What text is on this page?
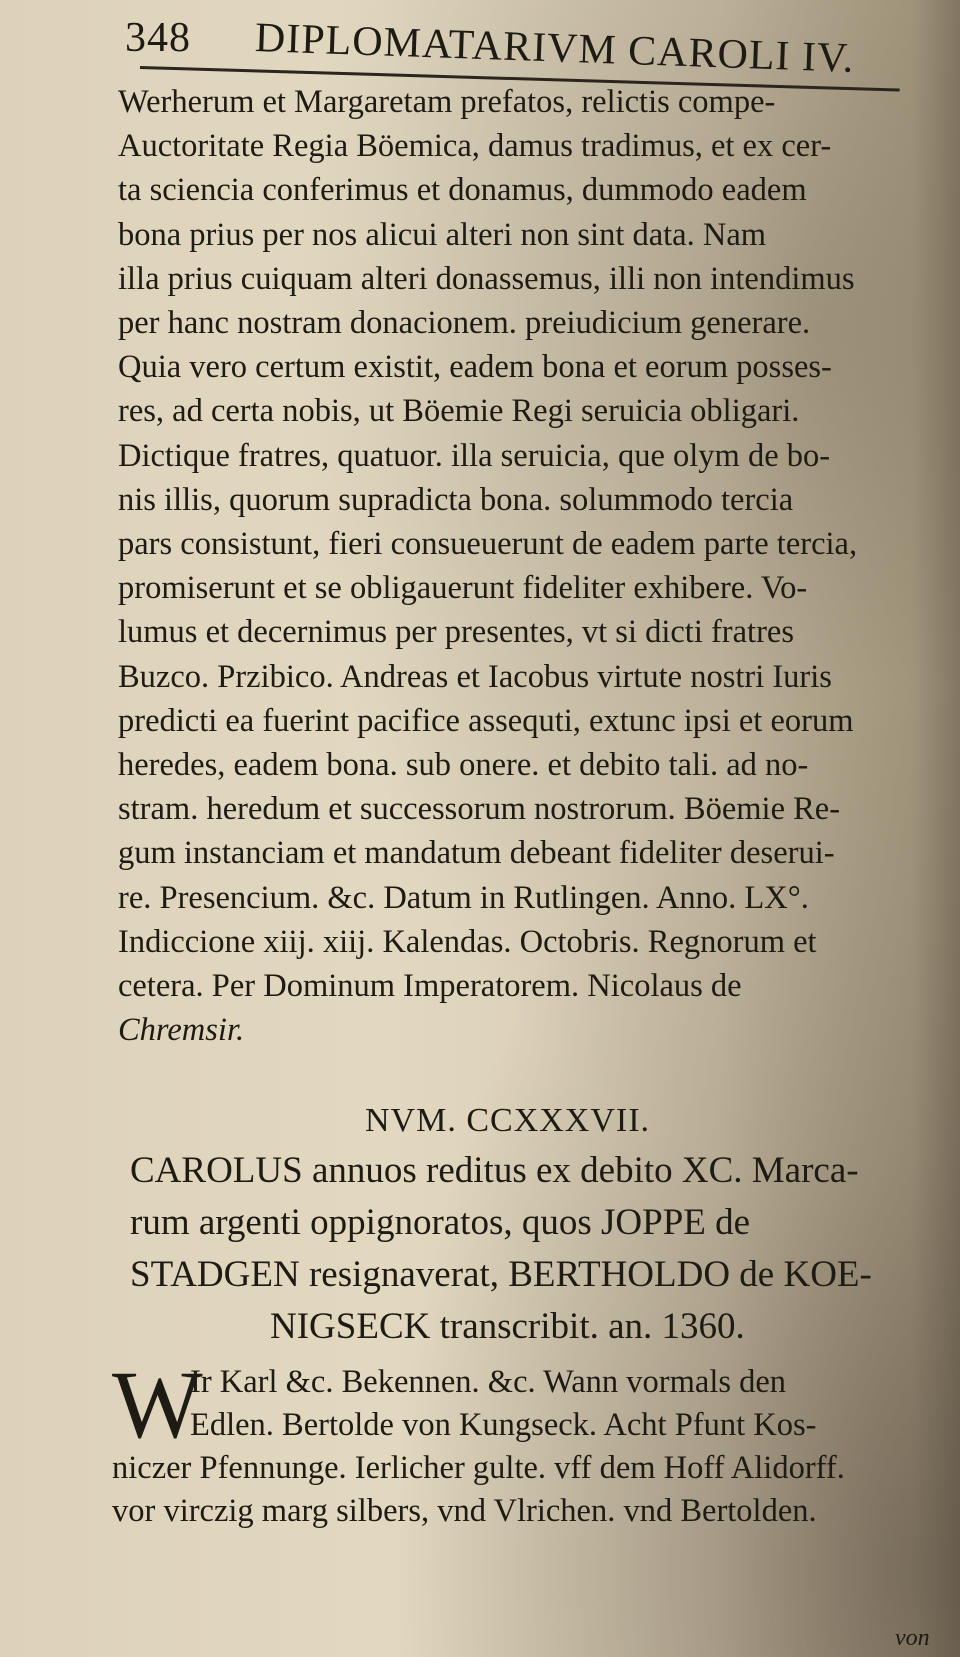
348 DIPLOMATARIVM CAROLI IV.
Werherum et Margaretam prefatos, relictis compe-
Auctoritate Regia Böemica, damus tradimus, et ex cer-
ta sciencia conferimus et donamus, dummodo eadem
bona prius per nos alicui alteri non sint data. Nam
illa prius cuiquam alteri donassemus, illi non intendimus
per hanc nostram donacionem. preiudicium generare.
Quia vero certum existit, eadem bona et eorum posses-
res, ad certa nobis, ut Böemie Regi seruicia obligari.
Dictique fratres, quatuor. illa seruicia, que olym de bo-
nis illis, quorum supradicta bona. solummodo tercia
pars consistunt, fieri consueuerunt de eadem parte tercia,
promiserunt et se obligauerunt fideliter exhibere. Vo-
lumus et decernimus per presentes, vt si dicti fratres
Buzco. Przibico. Andreas et Iacobus virtute nostri Iuris
predicti ea fuerint pacifice assequti, extunc ipsi et eorum
heredes, eadem bona. sub onere. et debito tali. ad no-
stram. heredum et successorum nostrorum. Böemie Re-
gum instanciam et mandatum debeant fideliter deserui-
re. Presencium. &c. Datum in Rutlingen. Anno. LX°.
Indiccione xiij. xiij. Kalendas. Octobris. Regnorum et
cetera. Per Dominum Imperatorem. Nicolaus de
Chremsir.
NVM. CCXXXVII.
CAROLUS annuos reditus ex debito XC. Marca-
rum argenti oppignoratos, quos JOPPE de
STADGEN resignaverat, BERTHOLDO de KOE-
NIGSECK transcribit. an. 1360.
W
Ir Karl &c. Bekennen. &c. Wann vormals den
Edlen. Bertolde von Kungseck. Acht Pfunt Kos-
niczer Pfennunge. Ierlicher gulte. vff dem Hoff Alidorff.
vor virczig marg silbers, vnd Vlrichen. vnd Bertolden.
von
